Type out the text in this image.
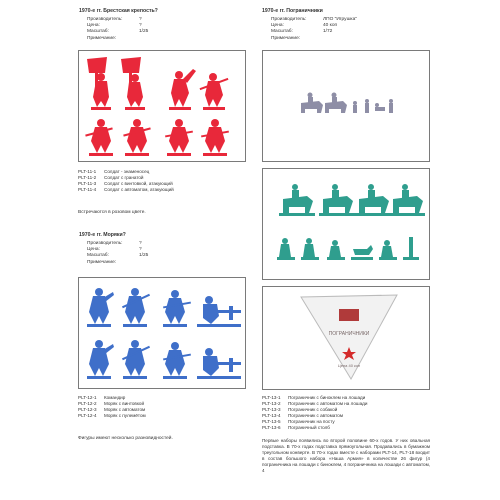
1970-е гг. Брестская крепость?
Производитель:	?
Цена:	?
Масштаб:	1/25
Примечание:
PLT-11-1	Солдат - знаменосец
PLT-11-2	Солдат с гранатой
PLT-11-3	Солдат с винтовкой, атакующий
PLT-11-4	Солдат с автоматом, атакующий
Встречаются в розовом цвете.
1970-е гг. Моряки?
Производитель:	?
Цена:	?
Масштаб:	1/25
Примечание:
PLT-12-1	Командир
PLT-12-2	Моряк с винтовкой
PLT-12-3	Моряк с автоматом
PLT-12-4	Моряк с пулемётом
Фигуры имеют несколько разновидностей.
1970-е гг. Пограничники
Производитель:	ЛПО "Игрушка"
Цена:	40 коп
Масштаб:	1/72
Примечание:
ПОГРАНИЧНИКИ
Цена 40 коп
PLT-13-1	Пограничник с биноклем на лошади
PLT-13-2	Пограничник с автоматом на лошади
PLT-13-3	Пограничник с собакой
PLT-13-4	Пограничник с автоматом
PLT-13-5	Пограничник на посту
PLT-13-6	Пограничный столб
Первые наборы появились во второй половине 60-х годов. У них овальная подставка. В 70-х годах подставка прямоугольная. Продавались в бумажном треугольном конверте. В 70-х годах вместе с наборами PLT-14, PL7-18 входит в состав большого набора «Наша Армия» в количестве 26 фигур (4 пограничника на лошади с биноклем, 4 пограничника на лошади с автоматом, 4
